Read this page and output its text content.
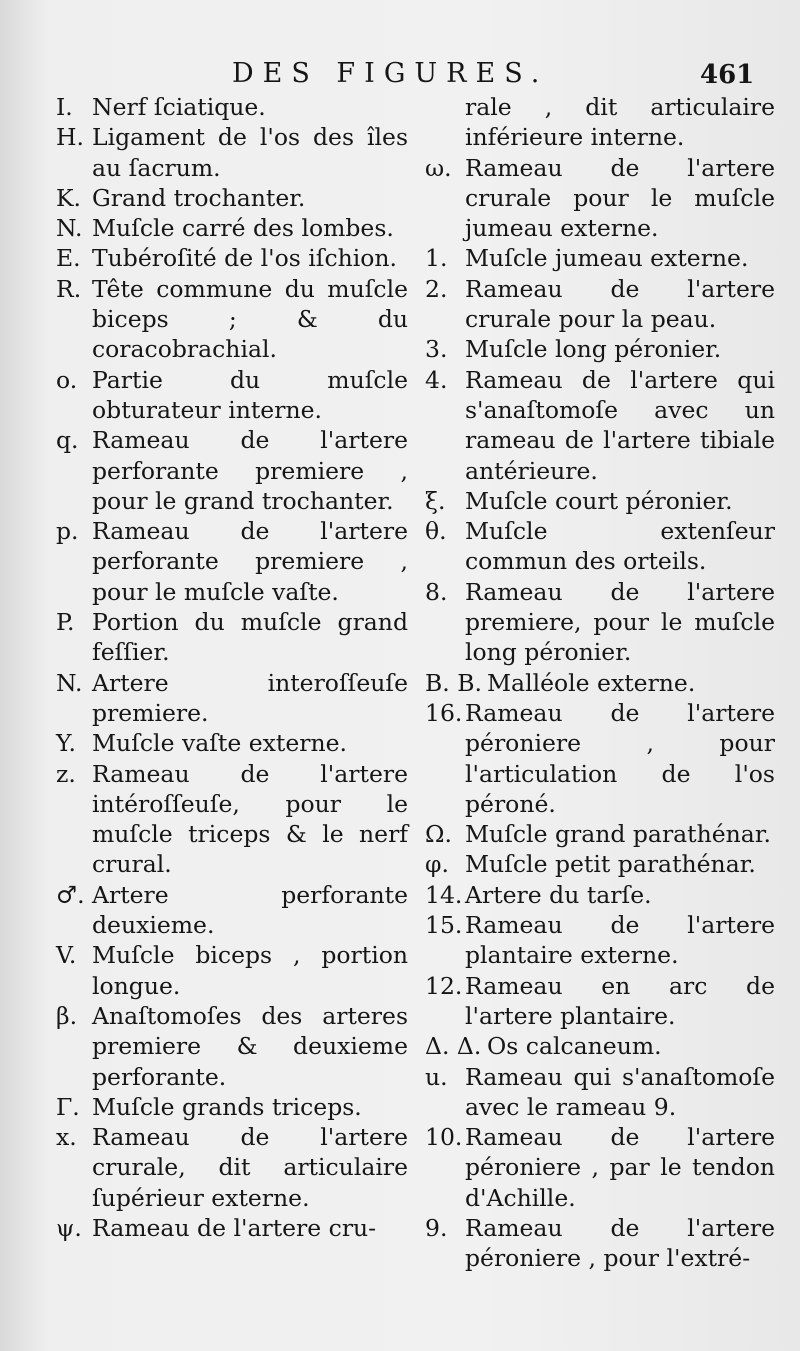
DES FIGURES.	461
I. Nerf ſciatique.
H. Ligament de l'os des îles au ſacrum.
K. Grand trochanter.
N. Muſcle carré des lombes.
E. Tubéroſité de l'os iſchion.
R. Tête commune du muſcle biceps ; & du coracobrachial.
o. Partie du muſcle obturateur interne.
q. Rameau de l'artere perforante premiere , pour le grand trochanter.
p. Rameau de l'artere perforante premiere , pour le muſcle vaſte.
P. Portion du muſcle grand feſſier.
N. Artere interoſſeuſe premiere.
Y. Muſcle vaſte externe.
z. Rameau de l'artere intéroſſeuſe, pour le muſcle triceps & le nerf crural.
♂. Artere perforante deuxieme.
V. Muſcle biceps , portion longue.
β. Anaſtomoſes des arteres premiere & deuxieme perforante.
Γ. Muſcle grands triceps.
x. Rameau de l'artere crurale, dit articulaire ſupérieur externe.
ψ. Rameau de l'artere cru-
rale , dit articulaire inférieure interne.
ω. Rameau de l'artere crurale pour le muſcle jumeau externe.
1. Muſcle jumeau externe.
2. Rameau de l'artere crurale pour la peau.
3. Muſcle long péronier.
4. Rameau de l'artere qui s'anaſtomoſe avec un rameau de l'artere tibiale antérieure.
ξ. Muſcle court péronier.
θ. Muſcle extenſeur commun des orteils.
8. Rameau de l'artere premiere, pour le muſcle long péronier.
B. B. Malléole externe.
16. Rameau de l'artere péroniere , pour l'articulation de l'os péroné.
Ω. Muſcle grand parathénar.
φ. Muſcle petit parathénar.
14. Artere du tarſe.
15. Rameau de l'artere plantaire externe.
12. Rameau en arc de l'artere plantaire.
Δ. Δ. Os calcaneum.
u. Rameau qui s'anaſtomoſe avec le rameau 9.
10. Rameau de l'artere péroniere , par le tendon d'Achille.
9. Rameau de l'artere péroniere , pour l'extré-
